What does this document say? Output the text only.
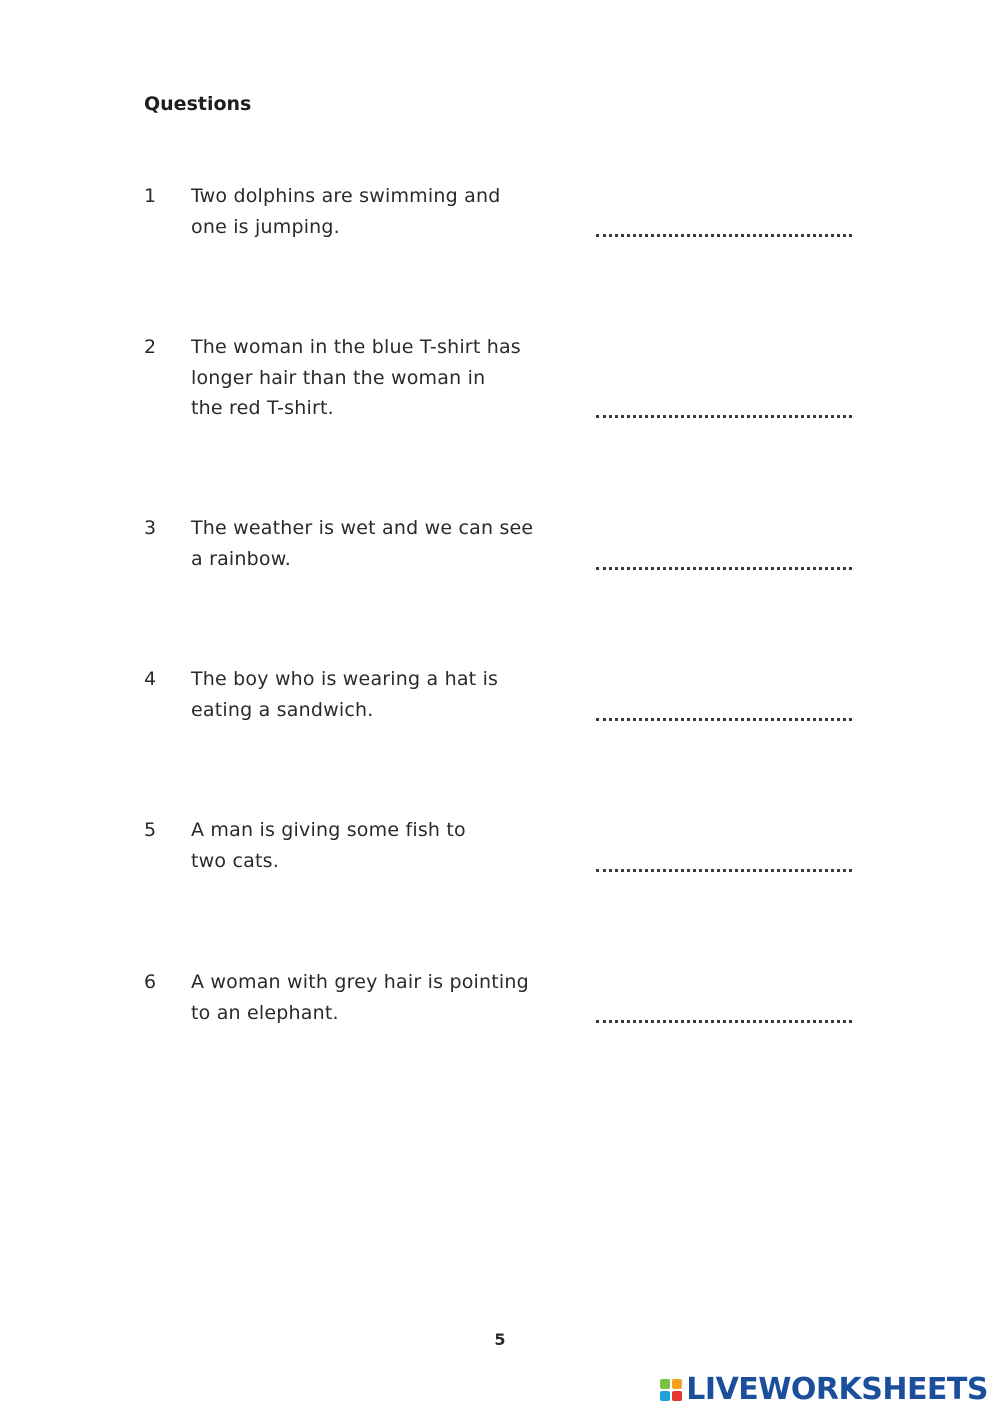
Questions
1 Two dolphins are swimming and
one is jumping.
2 The woman in the blue T-shirt has
longer hair than the woman in
the red T-shirt.
3 The weather is wet and we can see
a rainbow.
4 The boy who is wearing a hat is
eating a sandwich.
5 A man is giving some fish to
two cats.
6 A woman with grey hair is pointing
to an elephant.
5
LIVEWORKSHEETS
